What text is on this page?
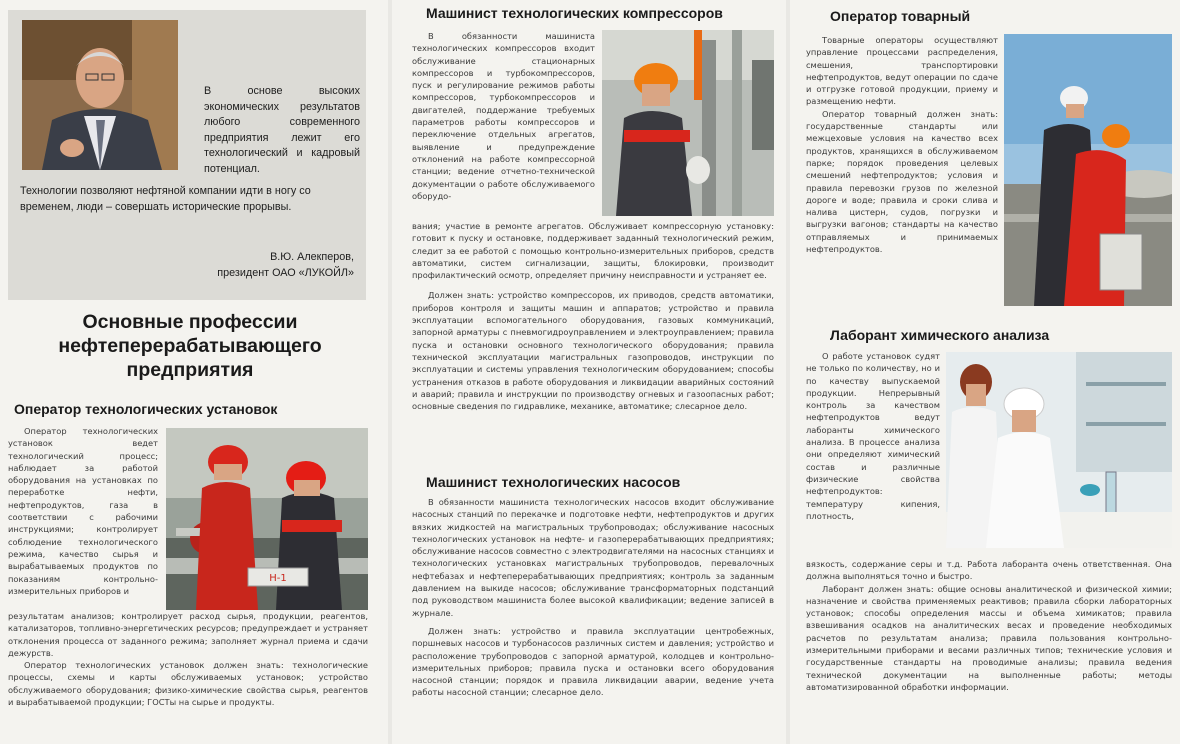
В основе высоких экономических результатов любого современного предприятия лежит его технологический и кадровый потенциал.
Технологии позволяют нефтяной компании идти в ногу со временем, люди – совершать исторические прорывы.
В.Ю. Алекперов,
президент ОАО «ЛУКОЙЛ»
Основные профессии
нефтеперерабатывающего
предприятия
Оператор технологических установок
Н-1

Оператор технологических установок ведет технологический процесс; наблюдает за работой оборудования на установках по переработке нефти, нефтепродуктов, газа в соответствии с рабочими инструкциями; контролирует соблюдение технологического режима, качество сырья и вырабатываемых продуктов по показаниям контрольно-измерительных приборов и

результатам анализов; контролирует расход сырья, продукции, реагентов, катализаторов, топливно-энергетических ресурсов; предупреждает и устраняет отклонения процесса от заданного режима; заполняет журнал приема и сдачи дежурств.

Оператор технологических установок должен знать: технологические процессы, схемы и карты обслуживаемых установок; устройство обслуживаемого оборудования; физико-химические свойства сырья, реагентов и вырабатываемой продукции; ГОСТы на сырье и продукты.

Машинист технологических компрессоров

В обязанности машиниста технологических компрессоров входит обслуживание стационарных компрессоров и турбокомпрессоров, пуск и регулирование режимов работы компрессоров, турбокомпрессоров и двигателей, поддержание требуемых параметров работы компрессоров и переключение отдельных агрегатов, выявление и предупреждение отклонений на работе компрессорной станции; ведение отчетно-технической документации о работе обслуживаемого оборудо-

вания; участие в ремонте агрегатов. Обслуживает компрессорную установку: готовит к пуску и остановке, поддерживает заданный технологический режим, следит за ее работой с помощью контрольно-измерительных приборов, средств автоматики, систем сигнализации, защиты, блокировки, производит профилактический осмотр, определяет причину неисправности и устраняет ее.

Должен знать: устройство компрессоров, их приводов, средств автоматики, приборов контроля и защиты машин и аппаратов; устройство и правила эксплуатации вспомогательного оборудования, газовых коммуникаций, запорной арматуры с пневмогидроуправлением и электроуправлением; правила пуска и остановки основного технологического оборудования; правила технической эксплуатации магистральных газопроводов, инструкции по эксплуатации и системы управления технологическим оборудованием; способы устранения отказов в работе оборудования и ликвидации аварийных состояний и аварий; правила и инструкции по производству огневых и газоопасных работ; основные сведения по гидравлике, механике, автоматике; слесарное дело.

Машинист технологических насосов

В обязанности машиниста технологических насосов входит обслуживание насосных станций по перекачке и подготовке нефти, нефтепродуктов и других вязких жидкостей на магистральных трубопроводах; обслуживание насосных технологических установок на нефте- и газоперерабатывающих предприятиях; обслуживание насосов совместно с электродвигателями на насосных станциях и технологических установках магистральных трубопроводов, перевалочных нефтебазах и нефтеперерабатывающих предприятиях; контроль за заданным давлением на выкиде насосов; обслуживание трансформаторных подстанций под руководством машиниста более высокой квалификации; ведение записей в журнале.

Должен знать: устройство и правила эксплуатации центробежных, поршневых насосов и турбонасосов различных систем и давления; устройство и расположение трубопроводов с запорной арматурой, колодцев и контрольно-измерительных приборов; правила пуска и остановки всего оборудования насосной станции; порядок и правила ликвидации аварии, ведение учета работы насосной станции; слесарное дело.

Оператор товарный

Товарные операторы осуществляют управление процессами распределения, смешения, транспортировки нефтепродуктов, ведут операции по сдаче и отгрузке готовой продукции, приему и размещению нефти.

Оператор товарный должен знать: государственные стандарты или межцеховые условия на качество всех продуктов, хранящихся в обслуживаемом парке; порядок проведения целевых смешений нефтепродуктов; условия и правила перевозки грузов по железной дороге и воде; правила и сроки слива и налива цистерн, судов, погрузки и выгрузки вагонов; стандарты на качество отправляемых и принимаемых нефтепродуктов.

Лаборант химического анализа

О работе установок судят не только по количеству, но и по качеству выпускаемой продукции. Непрерывный контроль за качеством нефтепродуктов ведут лаборанты химического анализа. В процессе анализа они определяют химический состав и различные физические свойства нефтепродуктов: температуру кипения, плотность,

вязкость, содержание серы и т.д. Работа лаборанта очень ответственная. Она должна выполняться точно и быстро.

Лаборант должен знать: общие основы аналитической и физической химии; назначение и свойства применяемых реактивов; правила сборки лабораторных установок; способы определения массы и объема химикатов; правила взвешивания осадков на аналитических весах и проведение необходимых расчетов по результатам анализа; правила пользования контрольно-измерительными приборами и весами различных типов; технические условия и государственные стандарты на проводимые анализы; правила ведения технической документации на выполненные работы; методы автоматизированной обработки информации.
